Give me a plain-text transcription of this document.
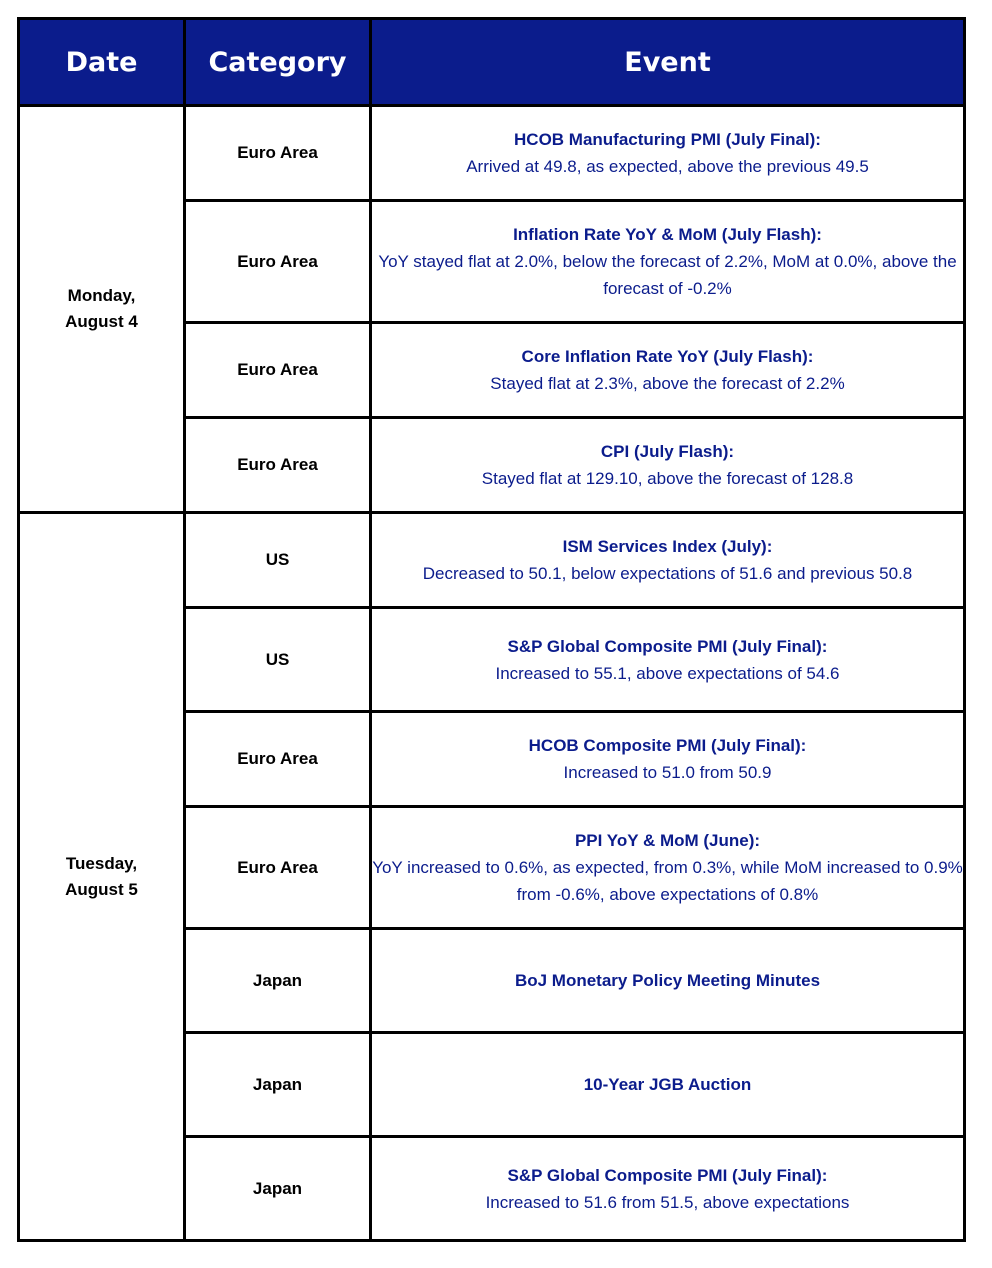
Date	Category	Event
Monday,
August 4	Euro Area	HCOB Manufacturing PMI (July Final):
Arrived at 49.8, as expected, above the previous 49.5

	Euro Area	Inflation Rate YoY & MoM (July Flash):
YoY stayed flat at 2.0%, below the forecast of 2.2%, MoM at 0.0%, above the forecast of -0.2%

	Euro Area	Core Inflation Rate YoY (July Flash):
Stayed flat at 2.3%, above the forecast of 2.2%

	Euro Area	CPI (July Flash):
Stayed flat at 129.10, above the forecast of 128.8

Tuesday,
August 5	US	ISM Services Index (July):
Decreased to 50.1, below expectations of 51.6 and previous 50.8

	US	S&P Global Composite PMI (July Final):
Increased to 55.1, above expectations of 54.6

	Euro Area	HCOB Composite PMI (July Final):
Increased to 51.0 from 50.9

	Euro Area	PPI YoY & MoM (June):
YoY increased to 0.6%, as expected, from 0.3%, while MoM increased to 0.9% from -0.6%, above expectations of 0.8%

	Japan	BoJ Monetary Policy Meeting Minutes

	Japan	10-Year JGB Auction

	Japan	S&P Global Composite PMI (July Final):
Increased to 51.6 from 51.5, above expectations
